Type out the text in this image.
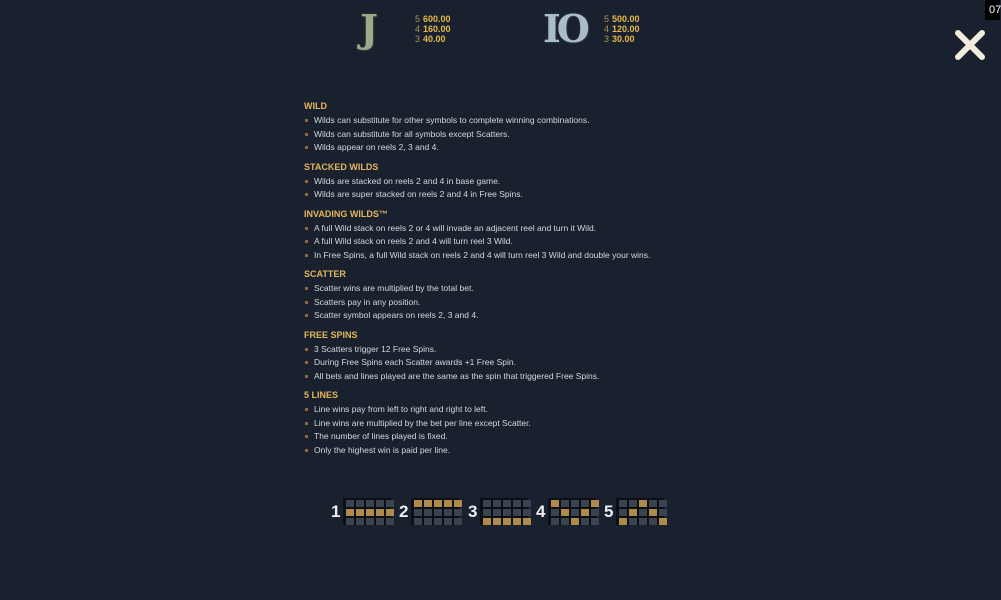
J	5 600.00
4 160.00
3 40.00	IO 5 500.00
4 120.00
3 30.00
07
WILD
Wilds can substitute for other symbols to complete winning combinations.
Wilds can substitute for all symbols except Scatters.
Wilds appear on reels 2, 3 and 4.
STACKED WILDS
Wilds are stacked on reels 2 and 4 in base game.
Wilds are super stacked on reels 2 and 4 in Free Spins.
INVADING WILDS™
A full Wild stack on reels 2 or 4 will invade an adjacent reel and turn it Wild.
A full Wild stack on reels 2 and 4 will turn reel 3 Wild.
In Free Spins, a full Wild stack on reels 2 and 4 will turn reel 3 Wild and double your wins.
SCATTER
Scatter wins are multiplied by the total bet.
Scatters pay in any position.
Scatter symbol appears on reels 2, 3 and 4.
FREE SPINS
3 Scatters trigger 12 Free Spins.
During Free Spins each Scatter awards +1 Free Spin.
All bets and lines played are the same as the spin that triggered Free Spins.
5 LINES
Line wins pay from left to right and right to left.
Line wins are multiplied by the bet per line except Scatter.
The number of lines played is fixed.
Only the highest win is paid per line.
1	2	3	4	5
